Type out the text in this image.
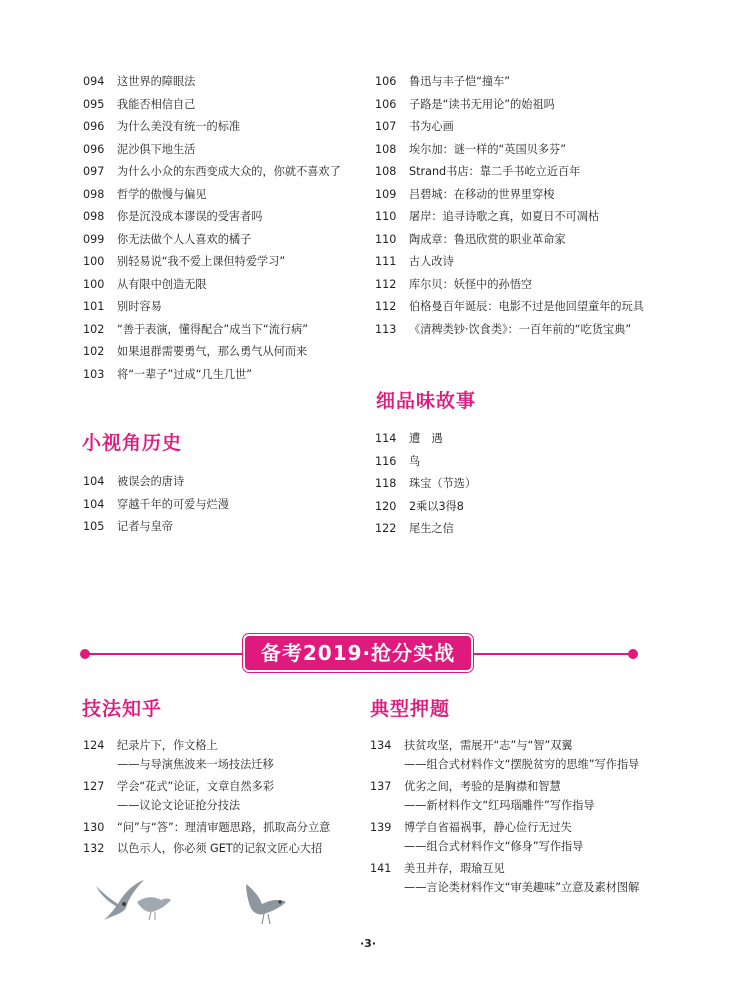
094	这世界的障眼法
095	我能否相信自己
096	为什么美没有统一的标准
096	泥沙俱下地生活
097	为什么小众的东西变成大众的，你就不喜欢了
098	哲学的傲慢与偏见
098	你是沉没成本谬误的受害者吗
099	你无法做个人人喜欢的橘子
100	别轻易说“我不爱上课但特爱学习”
100	从有限中创造无限
101	别时容易
102	“善于表演，懂得配合”成当下“流行病”
102	如果退群需要勇气，那么勇气从何而来
103	将“一辈子”过成“几生几世”
小视角历史
104	被误会的唐诗
104	穿越千年的可爱与烂漫
105	记者与皇帝
106	鲁迅与丰子恺“撞车”
106	子路是“读书无用论”的始祖吗
107	书为心画
108	埃尔加：谜一样的“英国贝多芬”
108	Strand书店：靠二手书屹立近百年
109	吕碧城：在移动的世界里穿梭
110	屠岸：追寻诗歌之真，如夏日不可凋枯
110	陶成章：鲁迅欣赏的职业革命家
111	古人改诗
112	库尔贝：妖怪中的孙悟空
112	伯格曼百年诞辰：电影不过是他回望童年的玩具
113	《清稗类钞·饮食类》：一百年前的“吃货宝典”
细品味故事
114	遭　遇
116	鸟
118	珠宝（节选）
120	2乘以3得8
122	尾生之信
备考2019·抢分实战
技法知乎
124	纪录片下，作文格上
——与导演焦波来一场技法迁移
127	学会“花式”论证，文章自然多彩
——议论文论证抢分技法
130	“问”与“答”：理清审题思路，抓取高分立意
132	以色示人，你必须 GET的记叙文匠心大招
典型押题
134	扶贫攻坚，需展开“志”与“智”双翼
——组合式材料作文“摆脱贫穷的思维”写作指导
137	优劣之间，考验的是胸襟和智慧
——新材料作文“红玛瑙雕件”写作指导
139	博学自省福祸事，静心俭行无过失
——组合式材料作文“修身”写作指导
141	美丑并存，瑕瑜互见
——言论类材料作文“审美趣味”立意及素材图解
·3·
